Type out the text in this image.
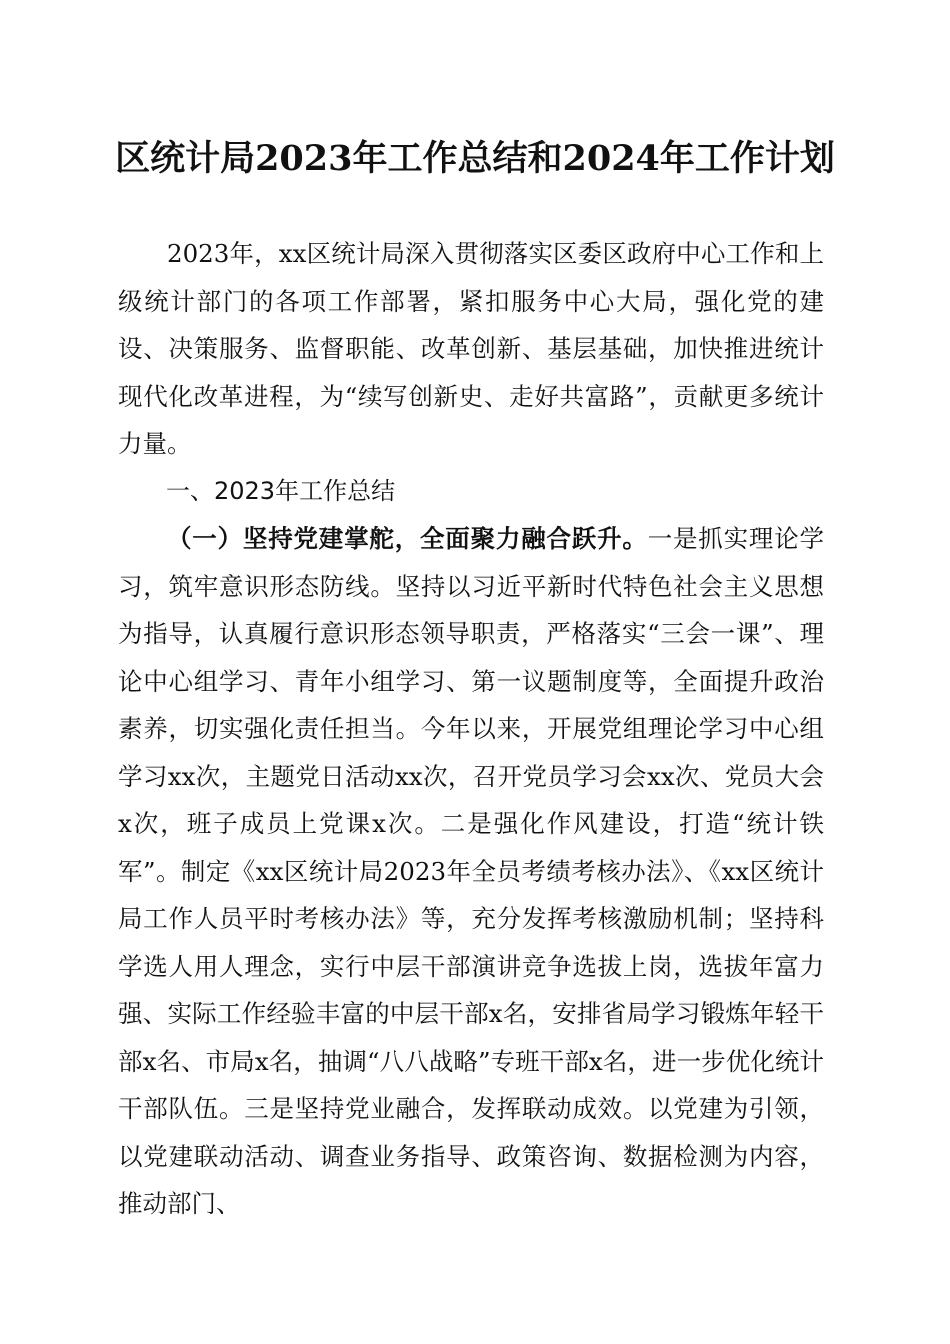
区统计局2023年工作总结和2024年工作计划

2023年，xx区统计局深入贯彻落实区委区政府中心工作和上级统计部门的各项工作部署，紧扣服务中心大局，强化党的建设、决策服务、监督职能、改革创新、基层基础，加快推进统计现代化改革进程，为“续写创新史、走好共富路”，贡献更多统计力量。

一、2023年工作总结

（一）坚持党建掌舵，全面聚力融合跃升。一是抓实理论学习，筑牢意识形态防线。坚持以习近平新时代特色社会主义思想为指导，认真履行意识形态领导职责，严格落实“三会一课”、理论中心组学习、青年小组学习、第一议题制度等，全面提升政治素养，切实强化责任担当。今年以来，开展党组理论学习中心组学习xx次，主题党日活动xx次，召开党员学习会xx次、党员大会x次，班子成员上党课x次。二是强化作风建设，打造“统计铁军”。制定《xx区统计局2023年全员考绩考核办法》、《xx区统计局工作人员平时考核办法》等，充分发挥考核激励机制；坚持科学选人用人理念，实行中层干部演讲竞争选拔上岗，选拔年富力强、实际工作经验丰富的中层干部x名，安排省局学习锻炼年轻干部x名、市局x名，抽调“八八战略”专班干部x名，进一步优化统计干部队伍。三是坚持党业融合，发挥联动成效。以党建为引领，以党建联动活动、调查业务指导、政策咨询、数据检测为内容，推动部门、
